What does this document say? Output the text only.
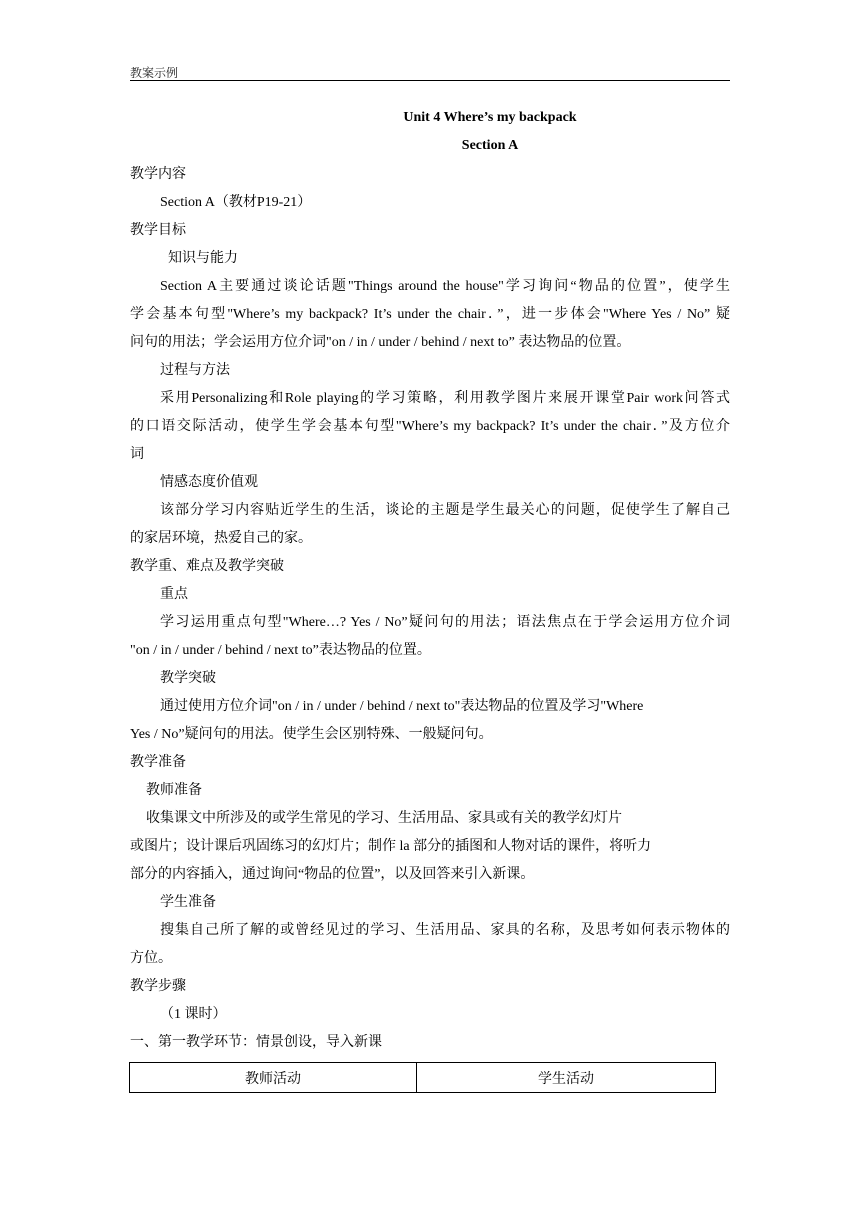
教案示例
Unit 4 Where’s my backpack
Section A
教学内容
Section A（教材P19-21）
教学目标
知识与能力
Section A主要通过谈论话题"Things around the house"学习询问“物品的位置”，使学生
学会基本句型"Where’s my backpack? It’s under the chair．”，进一步体会"Where Yes / No” 疑
问句的用法；学会运用方位介词"on / in / under / behind / next to” 表达物品的位置。
过程与方法
采用Personalizing和Role playing的学习策略，利用教学图片来展开课堂Pair work问答式
的口语交际活动，使学生学会基本句型"Where’s my backpack? It’s under the chair．”及方位介
词
情感态度价值观
该部分学习内容贴近学生的生活，谈论的主题是学生最关心的问题，促使学生了解自己
的家居环境，热爱自己的家。
教学重、难点及教学突破
重点
学习运用重点句型"Where…? Yes / No”疑问句的用法；语法焦点在于学会运用方位介词
"on / in / under / behind / next to”表达物品的位置。
教学突破
通过使用方位介词"on / in / under / behind / next to"表达物品的位置及学习"Where
Yes / No”疑问句的用法。使学生会区别特殊、一般疑问句。
教学准备
教师准备
收集课文中所涉及的或学生常见的学习、生活用品、家具或有关的教学幻灯片
或图片；设计课后巩固练习的幻灯片；制作 la 部分的插图和人物对话的课件，将听力
部分的内容插入，通过询问“物品的位置”，以及回答来引入新课。
学生准备
搜集自己所了解的或曾经见过的学习、生活用品、家具的名称，及思考如何表示物体的
方位。
教学步骤
（1 课时）
一、第一教学环节：情景创设，导入新课
教师活动	学生活动
